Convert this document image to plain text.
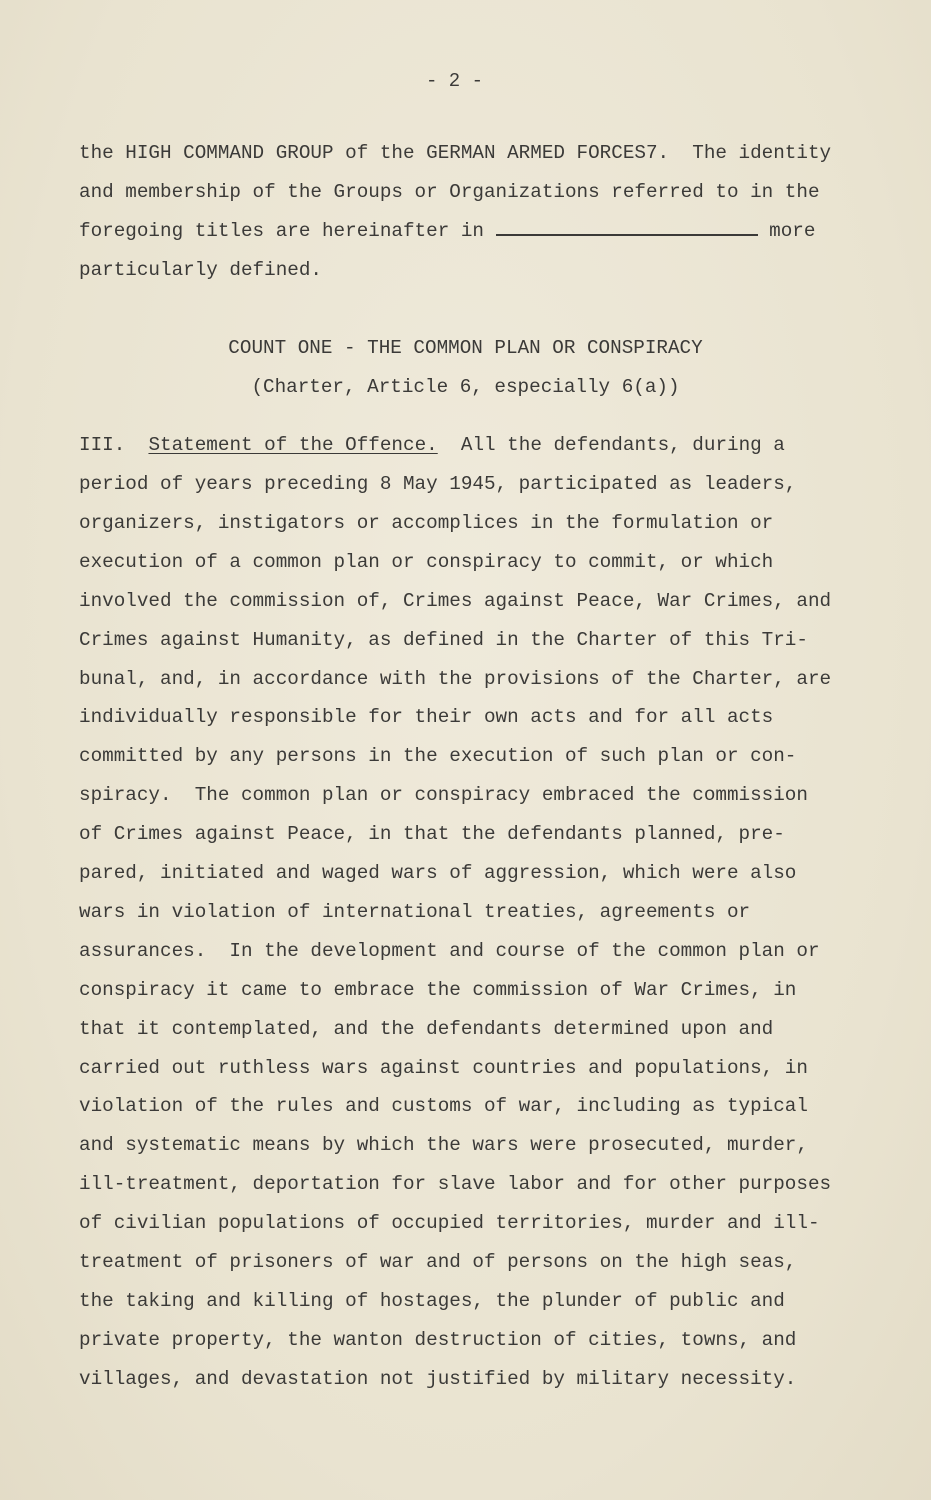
- 2 -
the HIGH COMMAND GROUP of the GERMAN ARMED FORCES7.  The identity
and membership of the Groups or Organizations referred to in the
foregoing titles are hereinafter in	more
particularly defined.
COUNT ONE - THE COMMON PLAN OR CONSPIRACY
(Charter, Article 6, especially 6(a))
III. Statement of the Offence. All the defendants, during a
period of years preceding 8 May 1945, participated as leaders,
organizers, instigators or accomplices in the formulation or
execution of a common plan or conspiracy to commit, or which
involved the commission of, Crimes against Peace, War Crimes, and
Crimes against Humanity, as defined in the Charter of this Tri-
bunal, and, in accordance with the provisions of the Charter, are
individually responsible for their own acts and for all acts
committed by any persons in the execution of such plan or con-
spiracy.  The common plan or conspiracy embraced the commission
of Crimes against Peace, in that the defendants planned, pre-
pared, initiated and waged wars of aggression, which were also
wars in violation of international treaties, agreements or
assurances.  In the development and course of the common plan or
conspiracy it came to embrace the commission of War Crimes, in
that it contemplated, and the defendants determined upon and
carried out ruthless wars against countries and populations, in
violation of the rules and customs of war, including as typical
and systematic means by which the wars were prosecuted, murder,
ill-treatment, deportation for slave labor and for other purposes
of civilian populations of occupied territories, murder and ill-
treatment of prisoners of war and of persons on the high seas,
the taking and killing of hostages, the plunder of public and
private property, the wanton destruction of cities, towns, and
villages, and devastation not justified by military necessity.
